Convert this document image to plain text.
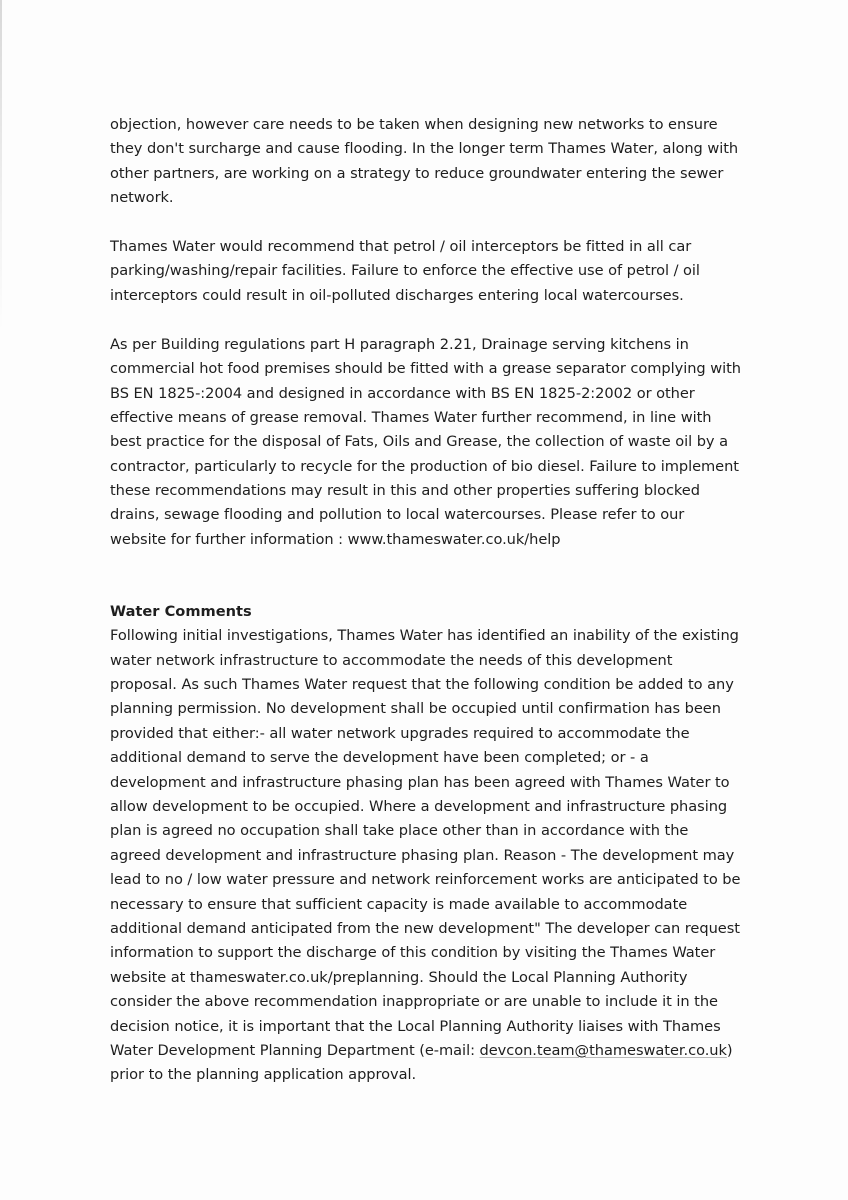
objection, however care needs to be taken when designing new networks to ensure
they don't surcharge and cause flooding. In the longer term Thames Water, along with
other partners, are working on a strategy to reduce groundwater entering the sewer
network.

Thames Water would recommend that petrol / oil interceptors be fitted in all car
parking/washing/repair facilities. Failure to enforce the effective use of petrol / oil
interceptors could result in oil-polluted discharges entering local watercourses.

As per Building regulations part H paragraph 2.21, Drainage serving kitchens in
commercial hot food premises should be fitted with a grease separator complying with
BS EN 1825-:2004 and designed in accordance with BS EN 1825-2:2002 or other
effective means of grease removal. Thames Water further recommend, in line with
best practice for the disposal of Fats, Oils and Grease, the collection of waste oil by a
contractor, particularly to recycle for the production of bio diesel. Failure to implement
these recommendations may result in this and other properties suffering blocked
drains, sewage flooding and pollution to local watercourses. Please refer to our
website for further information : www.thameswater.co.uk/help

Water Comments

Following initial investigations, Thames Water has identified an inability of the existing
water network infrastructure to accommodate the needs of this development
proposal. As such Thames Water request that the following condition be added to any
planning permission. No development shall be occupied until confirmation has been
provided that either:- all water network upgrades required to accommodate the
additional demand to serve the development have been completed; or - a
development and infrastructure phasing plan has been agreed with Thames Water to
allow development to be occupied. Where a development and infrastructure phasing
plan is agreed no occupation shall take place other than in accordance with the
agreed development and infrastructure phasing plan. Reason - The development may
lead to no / low water pressure and network reinforcement works are anticipated to be
necessary to ensure that sufficient capacity is made available to accommodate
additional demand anticipated from the new development" The developer can request
information to support the discharge of this condition by visiting the Thames Water
website at thameswater.co.uk/preplanning. Should the Local Planning Authority
consider the above recommendation inappropriate or are unable to include it in the
decision notice, it is important that the Local Planning Authority liaises with Thames
Water Development Planning Department (e-mail: devcon.team@thameswater.co.uk)
prior to the planning application approval.
